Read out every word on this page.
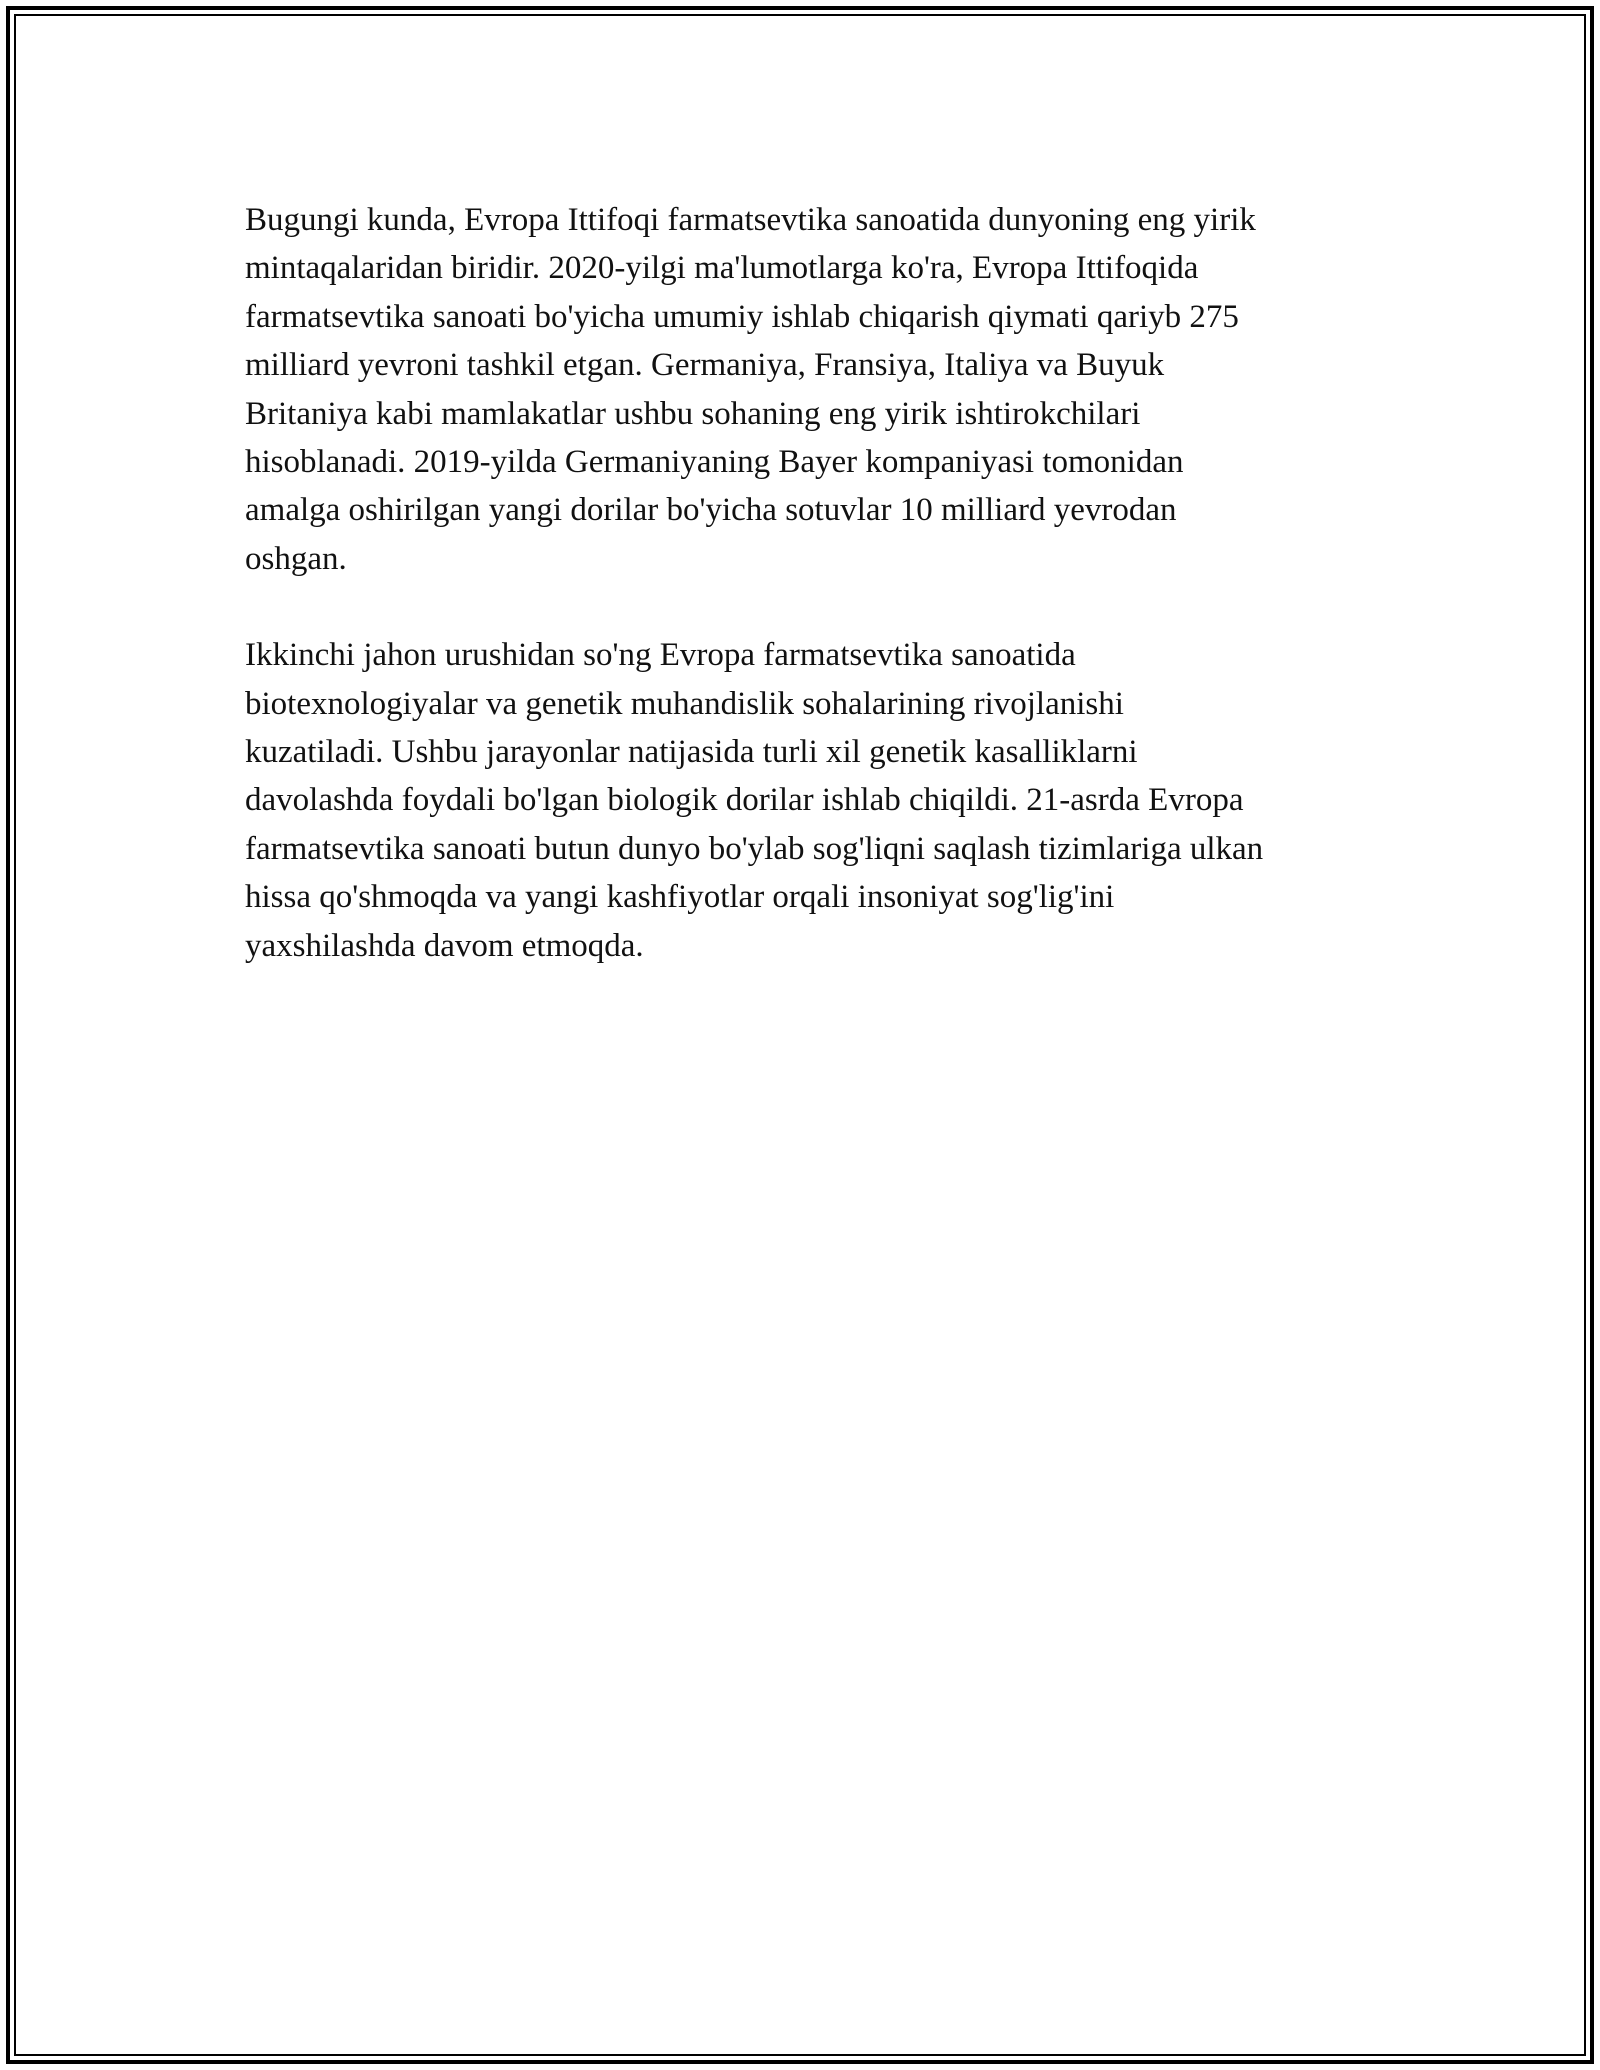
Bugungi kunda, Evropa Ittifoqi farmatsevtika sanoatida dunyoning eng yirik
mintaqalaridan biridir. 2020-yilgi ma'lumotlarga ko'ra, Evropa Ittifoqida
farmatsevtika sanoati bo'yicha umumiy ishlab chiqarish qiymati qariyb 275
milliard yevroni tashkil etgan. Germaniya, Fransiya, Italiya va Buyuk
Britaniya kabi mamlakatlar ushbu sohaning eng yirik ishtirokchilari
hisoblanadi. 2019-yilda Germaniyaning Bayer kompaniyasi tomonidan
amalga oshirilgan yangi dorilar bo'yicha sotuvlar 10 milliard yevrodan
oshgan.

Ikkinchi jahon urushidan so'ng Evropa farmatsevtika sanoatida
biotexnologiyalar va genetik muhandislik sohalarining rivojlanishi
kuzatiladi. Ushbu jarayonlar natijasida turli xil genetik kasalliklarni
davolashda foydali bo'lgan biologik dorilar ishlab chiqildi. 21-asrda Evropa
farmatsevtika sanoati butun dunyo bo'ylab sog'liqni saqlash tizimlariga ulkan
hissa qo'shmoqda va yangi kashfiyotlar orqali insoniyat sog'lig'ini
yaxshilashda davom etmoqda.
